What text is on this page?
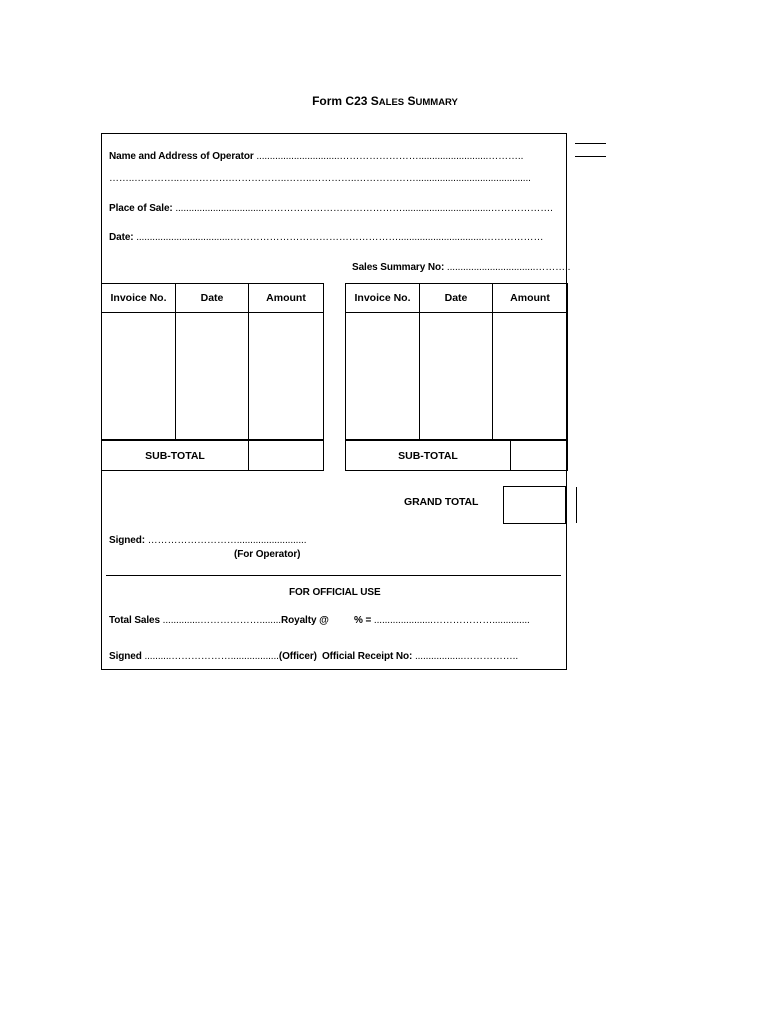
Form C23 SALES SUMMARY
Name and Address of Operator ...............................……………………..........................………..
……..…………..…………….……………..……..…………..………………...........................................
Place of Sale: .................................…………………………………….................................……………….
Date: ...................................……………………………………………................................………………
Sales Summary No: .................................………..
Invoice No.	Date	Amount

SUB-TOTAL	
Invoice No.	Date	Amount

SUB-TOTAL	
GRAND TOTAL
Signed: ………………………..........................
(For Operator)
FOR OFFICIAL USE
Total Sales ..............………………........Royalty @	% = ......................………………..............
Signed ..........………………..................(Officer) Official Receipt No: ..................……………..
